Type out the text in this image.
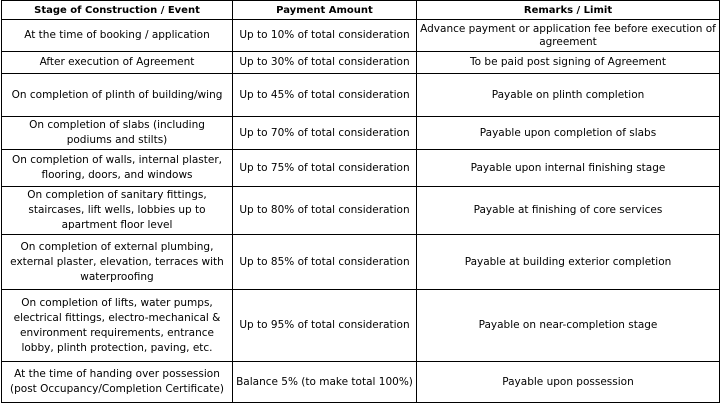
Stage of Construction / Event	Payment Amount	Remarks / Limit
At the time of booking / application	Up to 10% of total consideration	Advance payment or application fee before execution of agreement
After execution of Agreement	Up to 30% of total consideration	To be paid post signing of Agreement
On completion of plinth of building/wing	Up to 45% of total consideration	Payable on plinth completion
On completion of slabs (including podiums and stilts)	Up to 70% of total consideration	Payable upon completion of slabs
On completion of walls, internal plaster, flooring, doors, and windows	Up to 75% of total consideration	Payable upon internal finishing stage
On completion of sanitary fittings, staircases, lift wells, lobbies up to apartment floor level	Up to 80% of total consideration	Payable at finishing of core services
On completion of external plumbing, external plaster, elevation, terraces with waterproofing	Up to 85% of total consideration	Payable at building exterior completion
On completion of lifts, water pumps, electrical fittings, electro-mechanical & environment requirements, entrance lobby, plinth protection, paving, etc.	Up to 95% of total consideration	Payable on near-completion stage
At the time of handing over possession (post Occupancy/Completion Certificate)	Balance 5% (to make total 100%)	Payable upon possession
